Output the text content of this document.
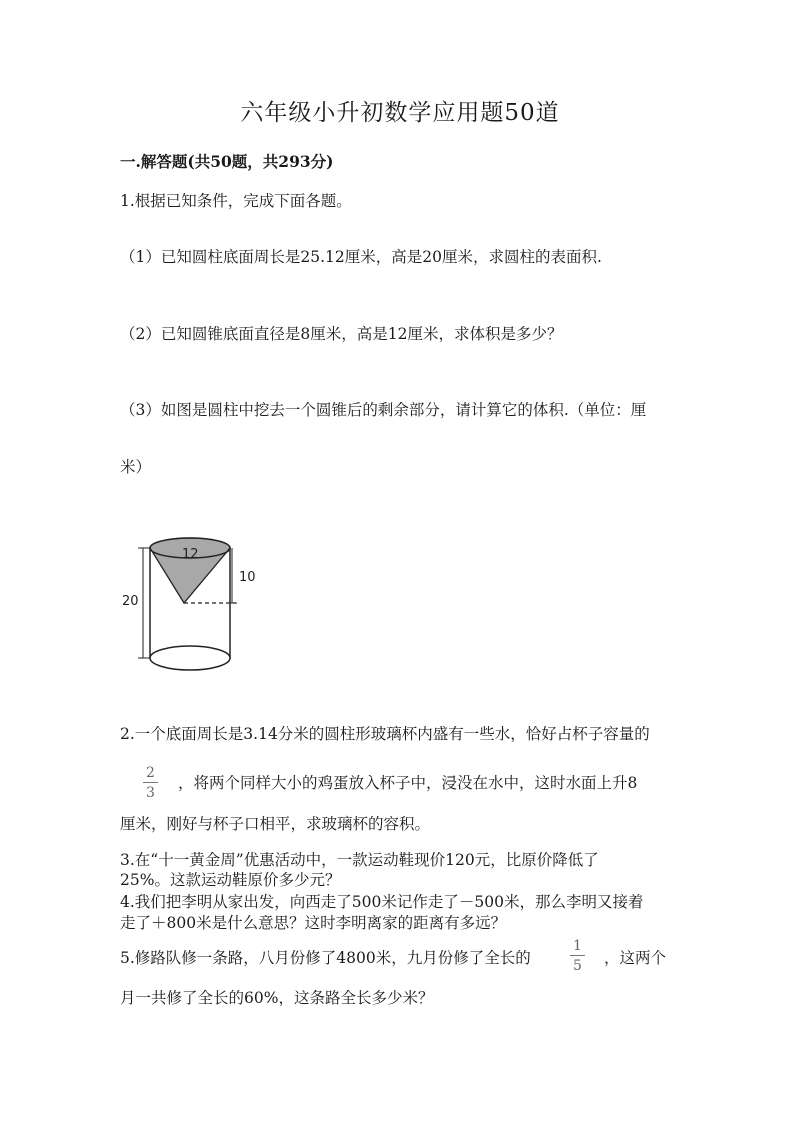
六年级小升初数学应用题50道
一.解答题(共50题，共293分)
1.根据已知条件，完成下面各题。
（1）已知圆柱底面周长是25.12厘米，高是20厘米，求圆柱的表面积.
（2）已知圆锥底面直径是8厘米，高是12厘米，求体积是多少？
（3）如图是圆柱中挖去一个圆锥后的剩余部分，请计算它的体积.（单位：厘
米）
12
10
20
2.一个底面周长是3.14分米的圆柱形玻璃杯内盛有一些水，恰好占杯子容量的
$\frac{2}{3}$ ，将两个同样大小的鸡蛋放入杯子中，浸没在水中，这时水面上升8
厘米，刚好与杯子口相平，求玻璃杯的容积。
3.在“十一黄金周”优惠活动中，一款运动鞋现价120元，比原价降低了
25%。这款运动鞋原价多少元？
4.我们把李明从家出发，向西走了500米记作走了－500米，那么李明又接着
走了＋800米是什么意思？这时李明离家的距离有多远？
5.修路队修一条路，八月份修了4800米，九月份修了全长的	$\frac{1}{5}$ ，这两个
月一共修了全长的60%，这条路全长多少米？
